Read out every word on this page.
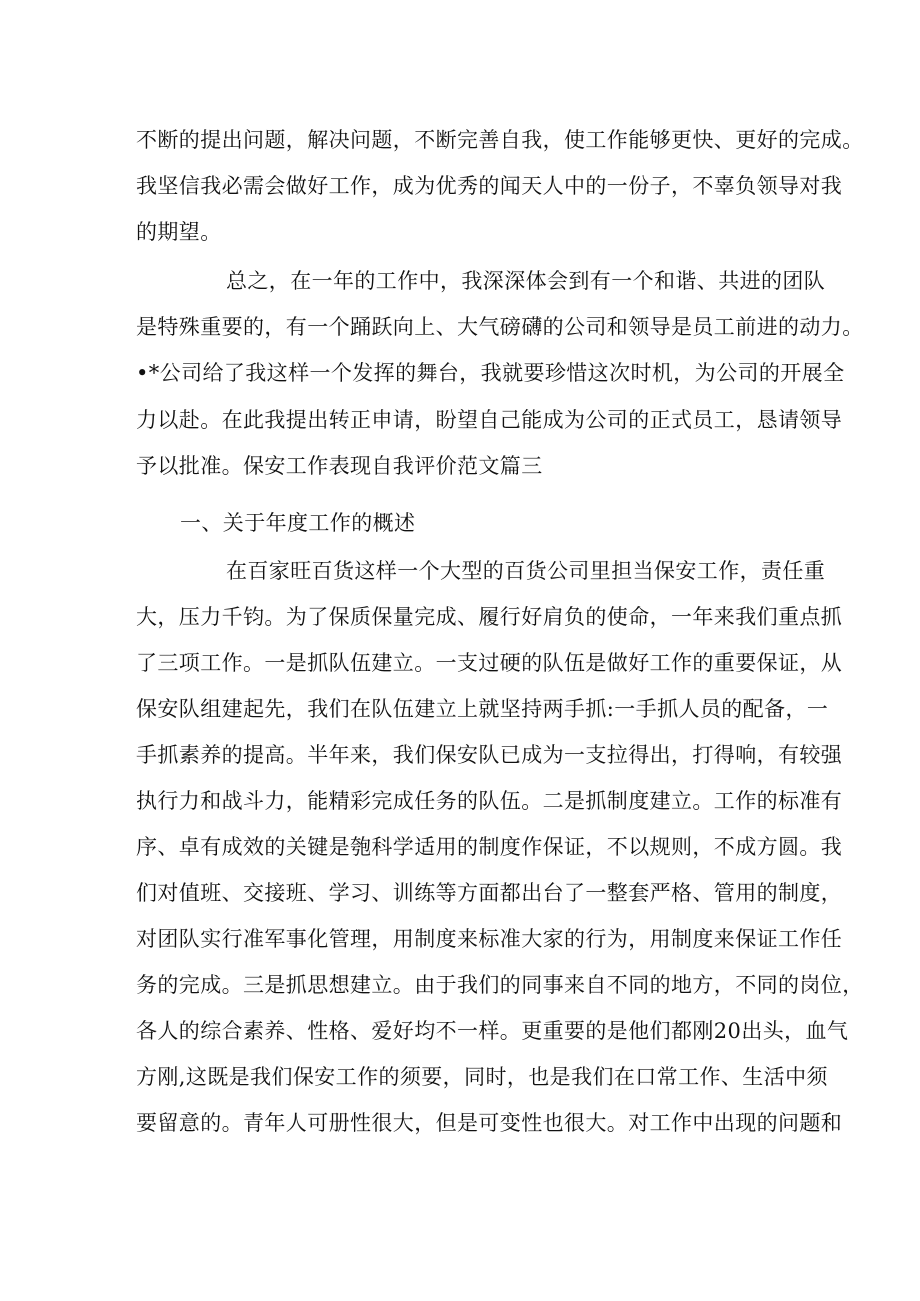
不断的提出问题，解决问题，不断完善自我，使工作能够更快、更好的完成。
我坚信我必需会做好工作，成为优秀的闻天人中的一份子，不辜负领导对我
的期望。
总之，在一年的工作中，我深深体会到有一个和谐、共进的团队
是特殊重要的，有一个踊跃向上、大气磅礴的公司和领导是员工前进的动力。
•*公司给了我这样一个发挥的舞台，我就要珍惜这次时机，为公司的开展全
力以赴。在此我提出转正申请，盼望自己能成为公司的正式员工，恳请领导
予以批准。保安工作表现自我评价范文篇三
一、关于年度工作的概述
在百家旺百货这样一个大型的百货公司里担当保安工作，责任重
大，压力千钧。为了保质保量完成、履行好肩负的使命，一年来我们重点抓
了三项工作。一是抓队伍建立。一支过硬的队伍是做好工作的重要保证，从
保安队组建起先，我们在队伍建立上就坚持两手抓:一手抓人员的配备，一
手抓素养的提高。半年来，我们保安队已成为一支拉得出，打得响，有较强
执行力和战斗力，能精彩完成任务的队伍。二是抓制度建立。工作的标准有
序、卓有成效的关键是匏科学适用的制度作保证，不以规则，不成方圆。我
们对值班、交接班、学习、训练等方面都出台了一整套严格、管用的制度，
对团队实行准军事化管理，用制度来标准大家的行为，用制度来保证工作任
务的完成。三是抓思想建立。由于我们的同事来自不同的地方，不同的岗位，
各人的综合素养、性格、爱好均不一样。更重要的是他们都刚20出头，血气
方刚,这既是我们保安工作的须要，同时，也是我们在口常工作、生活中须
要留意的。青年人可册性很大，但是可变性也很大。对工作中出现的问题和
